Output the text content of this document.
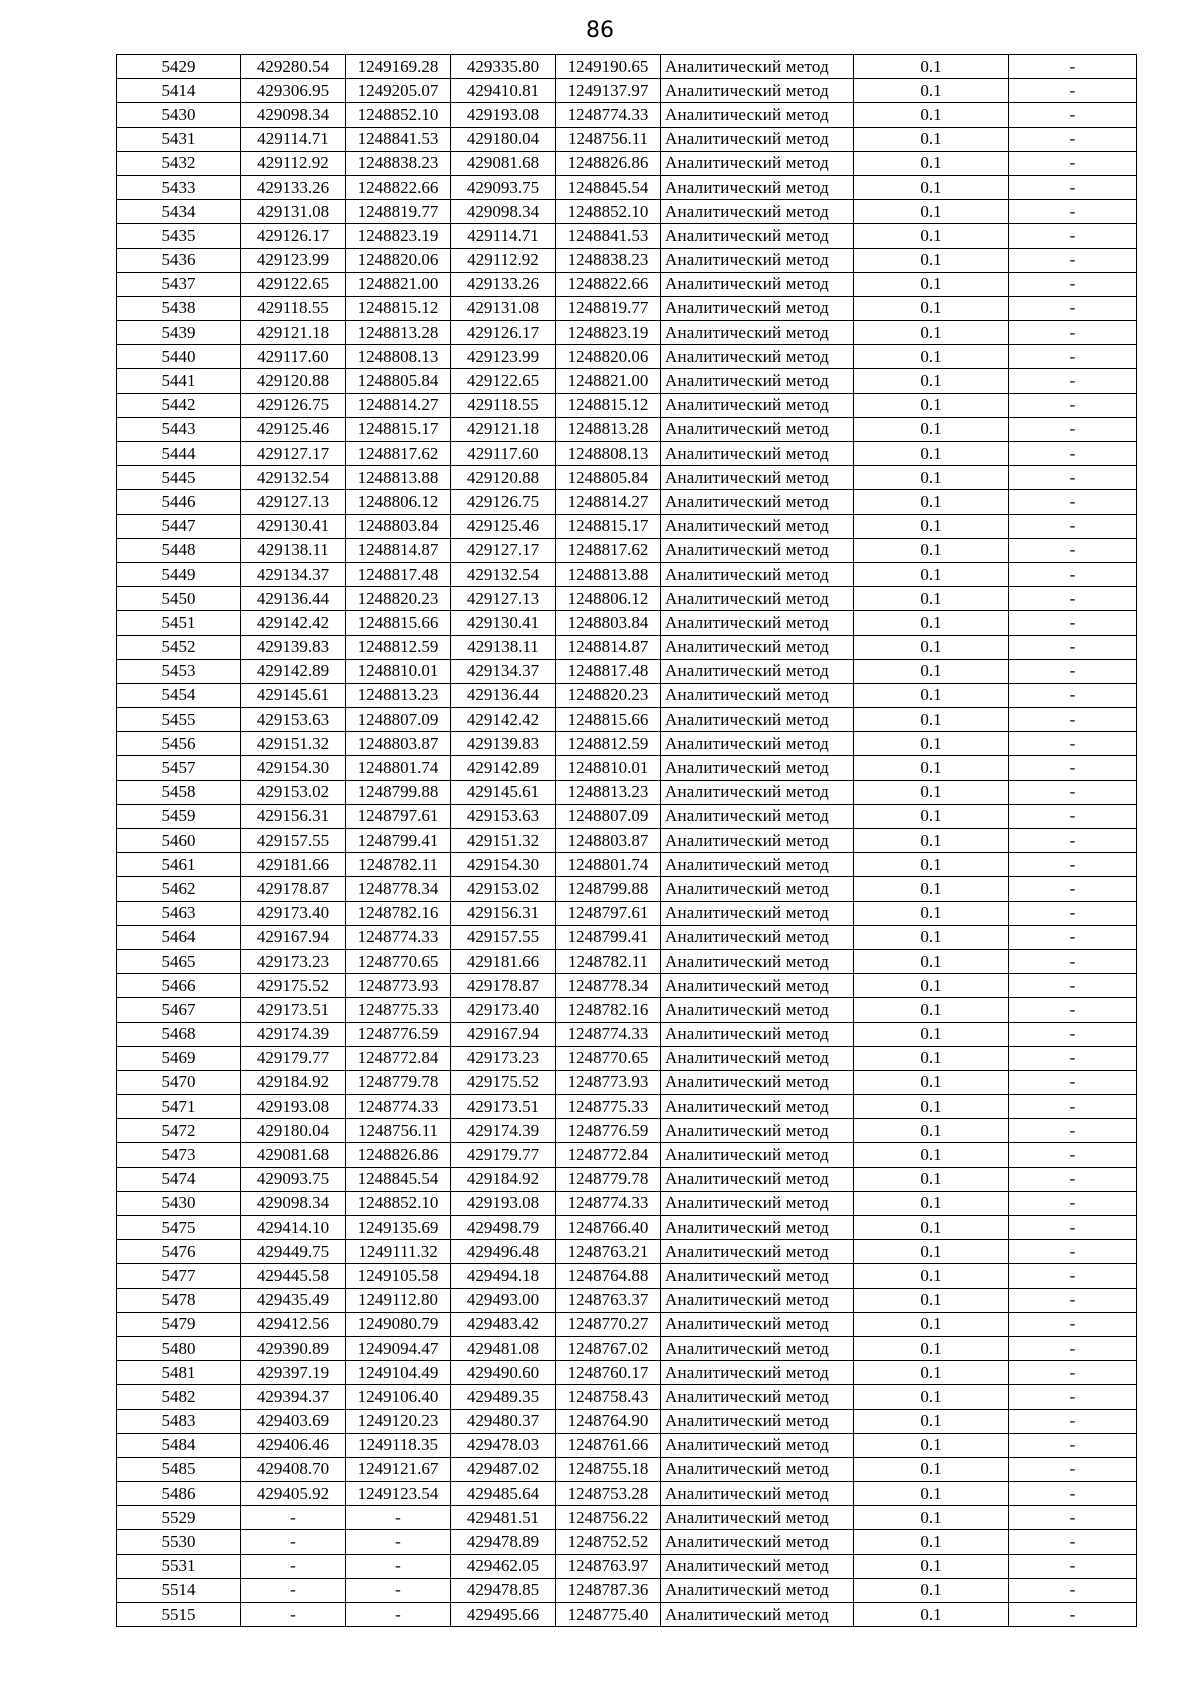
86
5429	429280.54	1249169.28	429335.80	1249190.65	Аналитический метод	0.1	-
5414	429306.95	1249205.07	429410.81	1249137.97	Аналитический метод	0.1	-
5430	429098.34	1248852.10	429193.08	1248774.33	Аналитический метод	0.1	-
5431	429114.71	1248841.53	429180.04	1248756.11	Аналитический метод	0.1	-
5432	429112.92	1248838.23	429081.68	1248826.86	Аналитический метод	0.1	-
5433	429133.26	1248822.66	429093.75	1248845.54	Аналитический метод	0.1	-
5434	429131.08	1248819.77	429098.34	1248852.10	Аналитический метод	0.1	-
5435	429126.17	1248823.19	429114.71	1248841.53	Аналитический метод	0.1	-
5436	429123.99	1248820.06	429112.92	1248838.23	Аналитический метод	0.1	-
5437	429122.65	1248821.00	429133.26	1248822.66	Аналитический метод	0.1	-
5438	429118.55	1248815.12	429131.08	1248819.77	Аналитический метод	0.1	-
5439	429121.18	1248813.28	429126.17	1248823.19	Аналитический метод	0.1	-
5440	429117.60	1248808.13	429123.99	1248820.06	Аналитический метод	0.1	-
5441	429120.88	1248805.84	429122.65	1248821.00	Аналитический метод	0.1	-
5442	429126.75	1248814.27	429118.55	1248815.12	Аналитический метод	0.1	-
5443	429125.46	1248815.17	429121.18	1248813.28	Аналитический метод	0.1	-
5444	429127.17	1248817.62	429117.60	1248808.13	Аналитический метод	0.1	-
5445	429132.54	1248813.88	429120.88	1248805.84	Аналитический метод	0.1	-
5446	429127.13	1248806.12	429126.75	1248814.27	Аналитический метод	0.1	-
5447	429130.41	1248803.84	429125.46	1248815.17	Аналитический метод	0.1	-
5448	429138.11	1248814.87	429127.17	1248817.62	Аналитический метод	0.1	-
5449	429134.37	1248817.48	429132.54	1248813.88	Аналитический метод	0.1	-
5450	429136.44	1248820.23	429127.13	1248806.12	Аналитический метод	0.1	-
5451	429142.42	1248815.66	429130.41	1248803.84	Аналитический метод	0.1	-
5452	429139.83	1248812.59	429138.11	1248814.87	Аналитический метод	0.1	-
5453	429142.89	1248810.01	429134.37	1248817.48	Аналитический метод	0.1	-
5454	429145.61	1248813.23	429136.44	1248820.23	Аналитический метод	0.1	-
5455	429153.63	1248807.09	429142.42	1248815.66	Аналитический метод	0.1	-
5456	429151.32	1248803.87	429139.83	1248812.59	Аналитический метод	0.1	-
5457	429154.30	1248801.74	429142.89	1248810.01	Аналитический метод	0.1	-
5458	429153.02	1248799.88	429145.61	1248813.23	Аналитический метод	0.1	-
5459	429156.31	1248797.61	429153.63	1248807.09	Аналитический метод	0.1	-
5460	429157.55	1248799.41	429151.32	1248803.87	Аналитический метод	0.1	-
5461	429181.66	1248782.11	429154.30	1248801.74	Аналитический метод	0.1	-
5462	429178.87	1248778.34	429153.02	1248799.88	Аналитический метод	0.1	-
5463	429173.40	1248782.16	429156.31	1248797.61	Аналитический метод	0.1	-
5464	429167.94	1248774.33	429157.55	1248799.41	Аналитический метод	0.1	-
5465	429173.23	1248770.65	429181.66	1248782.11	Аналитический метод	0.1	-
5466	429175.52	1248773.93	429178.87	1248778.34	Аналитический метод	0.1	-
5467	429173.51	1248775.33	429173.40	1248782.16	Аналитический метод	0.1	-
5468	429174.39	1248776.59	429167.94	1248774.33	Аналитический метод	0.1	-
5469	429179.77	1248772.84	429173.23	1248770.65	Аналитический метод	0.1	-
5470	429184.92	1248779.78	429175.52	1248773.93	Аналитический метод	0.1	-
5471	429193.08	1248774.33	429173.51	1248775.33	Аналитический метод	0.1	-
5472	429180.04	1248756.11	429174.39	1248776.59	Аналитический метод	0.1	-
5473	429081.68	1248826.86	429179.77	1248772.84	Аналитический метод	0.1	-
5474	429093.75	1248845.54	429184.92	1248779.78	Аналитический метод	0.1	-
5430	429098.34	1248852.10	429193.08	1248774.33	Аналитический метод	0.1	-
5475	429414.10	1249135.69	429498.79	1248766.40	Аналитический метод	0.1	-
5476	429449.75	1249111.32	429496.48	1248763.21	Аналитический метод	0.1	-
5477	429445.58	1249105.58	429494.18	1248764.88	Аналитический метод	0.1	-
5478	429435.49	1249112.80	429493.00	1248763.37	Аналитический метод	0.1	-
5479	429412.56	1249080.79	429483.42	1248770.27	Аналитический метод	0.1	-
5480	429390.89	1249094.47	429481.08	1248767.02	Аналитический метод	0.1	-
5481	429397.19	1249104.49	429490.60	1248760.17	Аналитический метод	0.1	-
5482	429394.37	1249106.40	429489.35	1248758.43	Аналитический метод	0.1	-
5483	429403.69	1249120.23	429480.37	1248764.90	Аналитический метод	0.1	-
5484	429406.46	1249118.35	429478.03	1248761.66	Аналитический метод	0.1	-
5485	429408.70	1249121.67	429487.02	1248755.18	Аналитический метод	0.1	-
5486	429405.92	1249123.54	429485.64	1248753.28	Аналитический метод	0.1	-
5529	-	-	429481.51	1248756.22	Аналитический метод	0.1	-
5530	-	-	429478.89	1248752.52	Аналитический метод	0.1	-
5531	-	-	429462.05	1248763.97	Аналитический метод	0.1	-
5514	-	-	429478.85	1248787.36	Аналитический метод	0.1	-
5515	-	-	429495.66	1248775.40	Аналитический метод	0.1	-
